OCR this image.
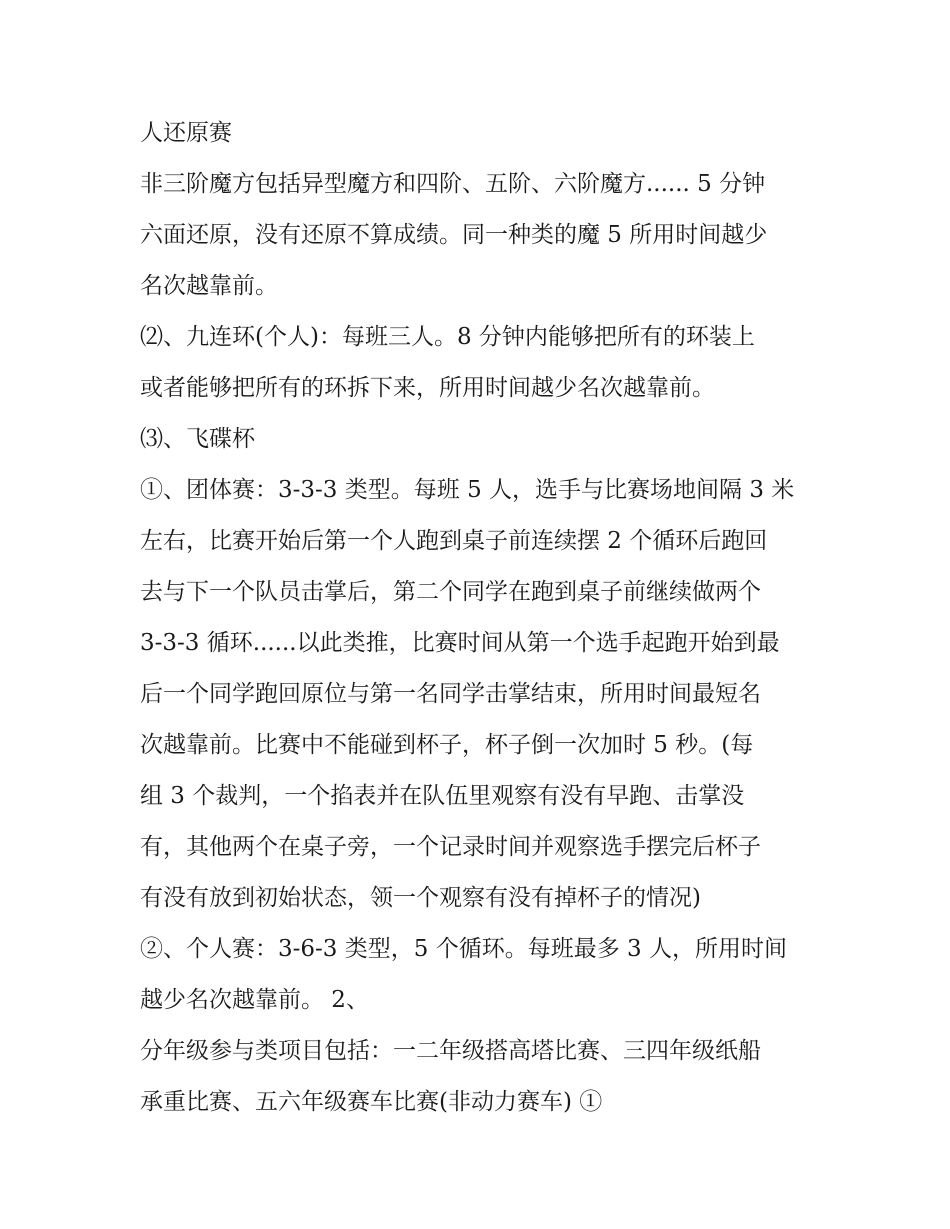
人还原赛
非三阶魔方包括异型魔方和四阶、五阶、六阶魔方...... 5 分钟
六面还原，没有还原不算成绩。同一种类的魔 5 所用时间越少
名次越靠前。
⑵、九连环(个人)：每班三人。8 分钟内能够把所有的环装上
或者能够把所有的环拆下来，所用时间越少名次越靠前。
⑶、飞碟杯
①、团体赛：3-3-3 类型。每班 5 人，选手与比赛场地间隔 3 米
左右，比赛开始后第一个人跑到桌子前连续摆 2 个循环后跑回
去与下一个队员击掌后，第二个同学在跑到桌子前继续做两个
3-3-3 循环......以此类推，比赛时间从第一个选手起跑开始到最
后一个同学跑回原位与第一名同学击掌结束，所用时间最短名
次越靠前。比赛中不能碰到杯子，杯子倒一次加时 5 秒。(每
组 3 个裁判，一个掐表并在队伍里观察有没有早跑、击掌没
有，其他两个在桌子旁，一个记录时间并观察选手摆完后杯子
有没有放到初始状态，领一个观察有没有掉杯子的情况)
②、个人赛：3-6-3 类型，5 个循环。每班最多 3 人，所用时间
越少名次越靠前。 2、
分年级参与类项目包括：一二年级搭高塔比赛、三四年级纸船
承重比赛、五六年级赛车比赛(非动力赛车) ①
